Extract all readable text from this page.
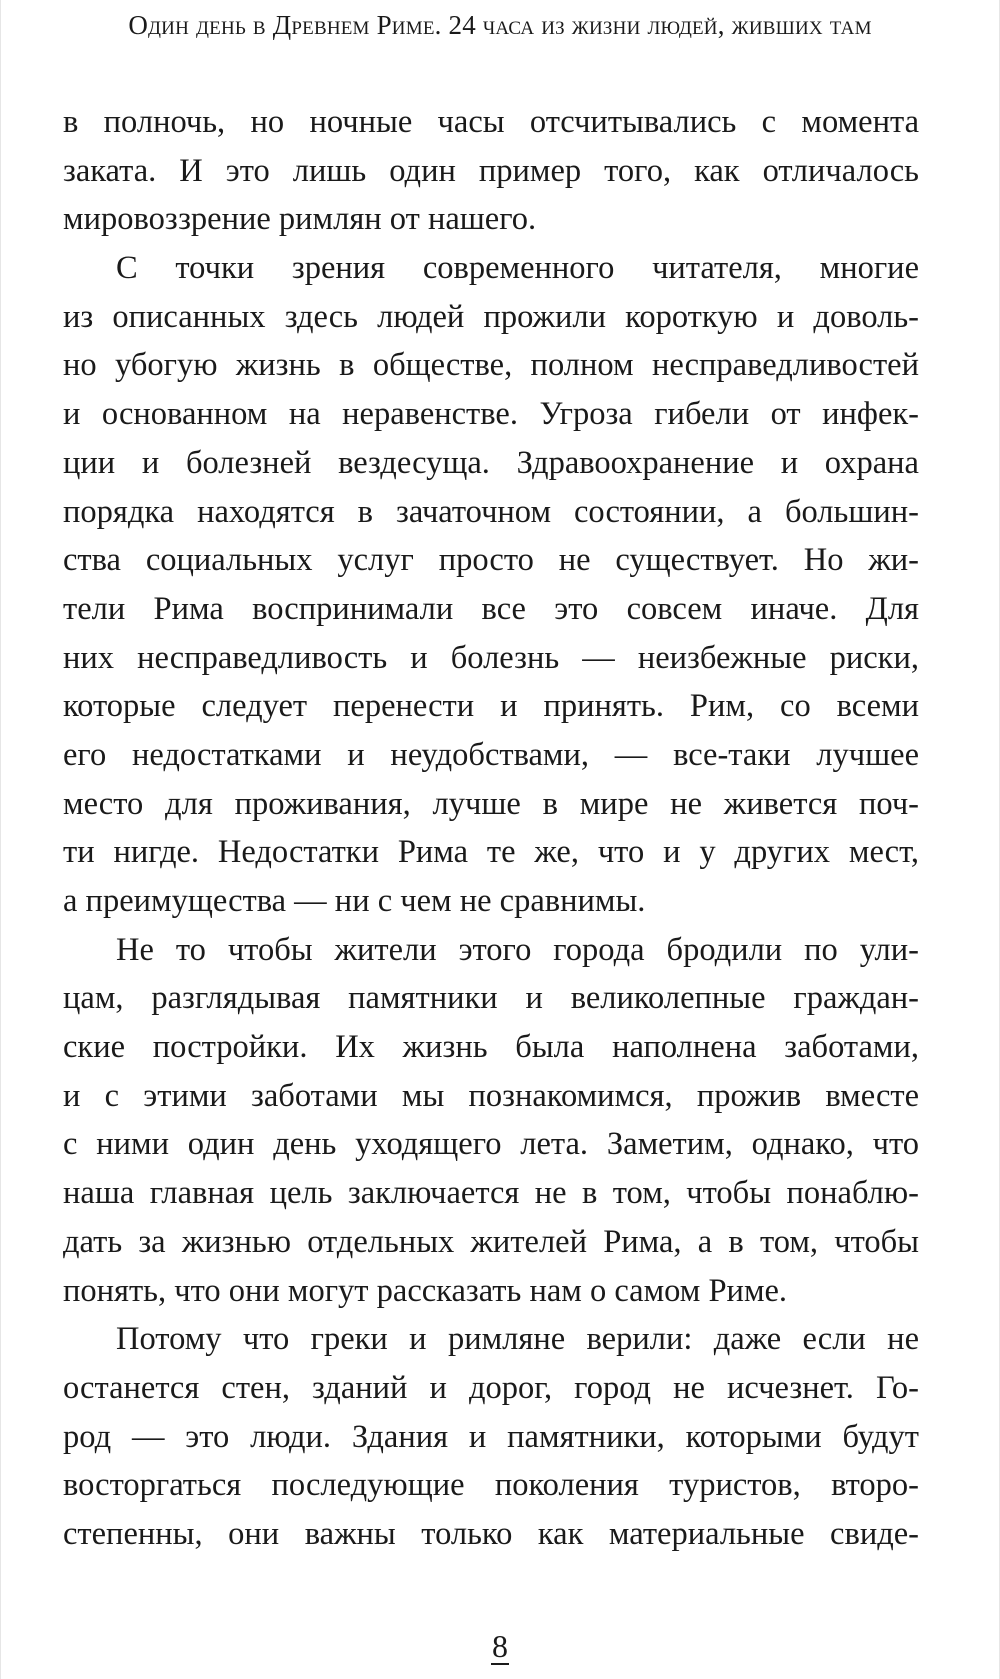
Один день в Древнем Риме. 24 часа из жизни людей, живших там
в полночь, но ночные часы отсчитывались с момента
заката. И это лишь один пример того, как отличалось
мировоззрение римлян от нашего.
С точки зрения современного читателя, многие
из описанных здесь людей прожили короткую и доволь-
но убогую жизнь в обществе, полном несправедливостей
и основанном на неравенстве. Угроза гибели от инфек-
ции и болезней вездесуща. Здравоохранение и охрана
порядка находятся в зачаточном состоянии, а большин-
ства социальных услуг просто не существует. Но жи-
тели Рима воспринимали все это совсем иначе. Для
них несправедливость и болезнь — неизбежные риски,
которые следует перенести и принять. Рим, со всеми
его недостатками и неудобствами, — все-таки лучшее
место для проживания, лучше в мире не живется поч-
ти нигде. Недостатки Рима те же, что и у других мест,
а преимущества — ни с чем не сравнимы.
Не то чтобы жители этого города бродили по ули-
цам, разглядывая памятники и великолепные граждан-
ские постройки. Их жизнь была наполнена заботами,
и с этими заботами мы познакомимся, прожив вместе
с ними один день уходящего лета. Заметим, однако, что
наша главная цель заключается не в том, чтобы понаблю-
дать за жизнью отдельных жителей Рима, а в том, чтобы
понять, что они могут рассказать нам о самом Риме.
Потому что греки и римляне верили: даже если не
останется стен, зданий и дорог, город не исчезнет. Го-
род — это люди. Здания и памятники, которыми будут
восторгаться последующие поколения туристов, второ-
степенны, они важны только как материальные свиде-
8
